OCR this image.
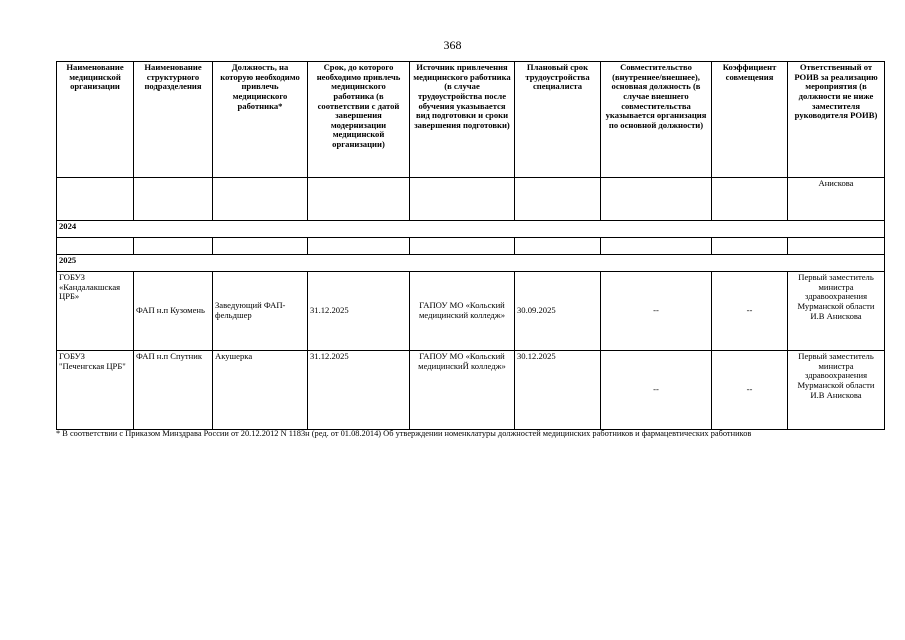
368
Наименование медицинской организации	Наименование структурного подразделения	Должность, на которую необходимо привлечь медицинского работника*	Срок, до которого необходимо привлечь медицинского работника (в соответствии с датой завершения модернизации медицинской организации)	Источник привлечения медицинского работника (в случае трудоустройства после обучения указывается вид подготовки и сроки завершения подготовки)	Плановый срок трудоустройства специалиста	Совместительство (внутреннее/внешнее), основная должность (в случае внешнего совместительства указывается организация по основной должности)	Коэффициент совмещения	Ответственный от РОИВ за реализацию мероприятия (в должности не ниже заместителя руководителя РОИВ)
								Анискова
2024								

2025								
ГОБУЗ «Кандалакшская ЦРБ»	ФАП н.п Кузомень	Заведующий ФАП-фельдшер	31.12.2025	ГАПОУ МО «Кольский медицинский колледж»	30.09.2025	--	--	Первый заместитель министра здравоохранения Мурманской области И.В Анискова
ГОБУЗ "Печенгская ЦРБ"	ФАП н.п Спутник	Акушерка	31.12.2025	ГАПОУ МО «Кольский медицинскиЙ колледж»	30.12.2025	--	--	Первый заместитель министра здравоохранения Мурманской области И.В Анискова
* В соответствии с Приказом Минздрава России от 20.12.2012 N 1183н (ред. от 01.08.2014) Об утверждении номенклатуры должностей медицинских работников и фармацевтических работников
